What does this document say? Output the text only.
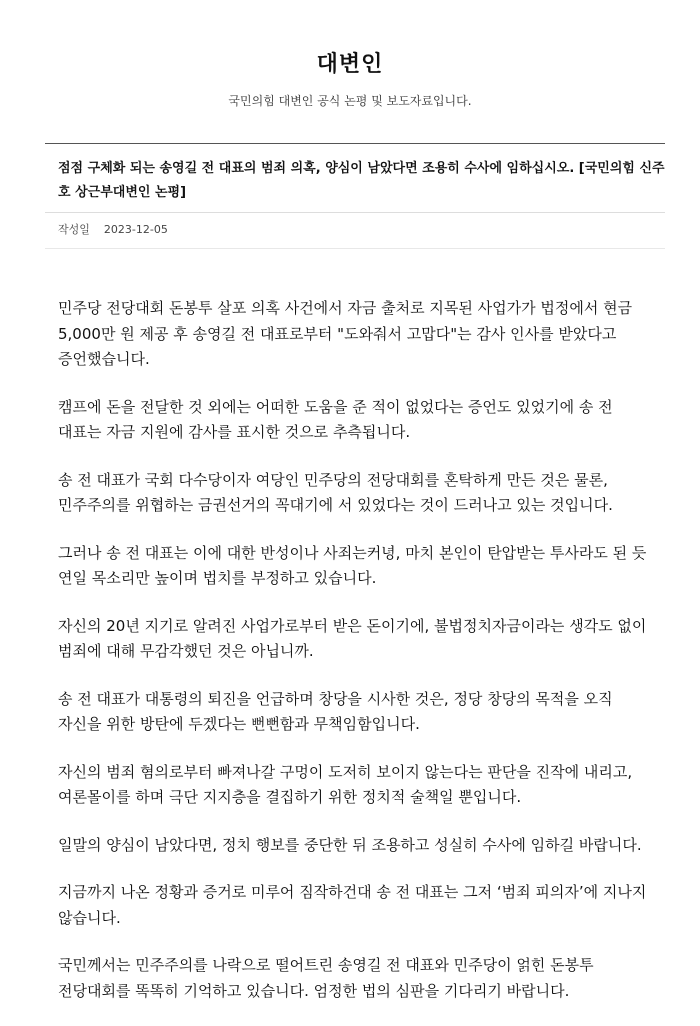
대변인
국민의힘 대변인 공식 논평 및 보도자료입니다.
점점 구체화 되는 송영길 전 대표의 범죄 의혹, 양심이 남았다면 조용히 수사에 임하십시오. [국민의힘 신주호 상근부대변인 논평]
작성일 2023-12-05

민주당 전당대회 돈봉투 살포 의혹 사건에서 자금 출처로 지목된 사업가가 법정에서 현금 5,000만 원 제공 후 송영길 전 대표로부터 "도와줘서 고맙다"는 감사 인사를 받았다고 증언했습니다.

캠프에 돈을 전달한 것 외에는 어떠한 도움을 준 적이 없었다는 증언도 있었기에 송 전 대표는 자금 지원에 감사를 표시한 것으로 추측됩니다.

송 전 대표가 국회 다수당이자 여당인 민주당의 전당대회를 혼탁하게 만든 것은 물론, 민주주의를 위협하는 금권선거의 꼭대기에 서 있었다는 것이 드러나고 있는 것입니다.

그러나 송 전 대표는 이에 대한 반성이나 사죄는커녕, 마치 본인이 탄압받는 투사라도 된 듯 연일 목소리만 높이며 법치를 부정하고 있습니다.

자신의 20년 지기로 알려진 사업가로부터 받은 돈이기에, 불법정치자금이라는 생각도 없이 범죄에 대해 무감각했던 것은 아닙니까.

송 전 대표가 대통령의 퇴진을 언급하며 창당을 시사한 것은, 정당 창당의 목적을 오직 자신을 위한 방탄에 두겠다는 뻔뻔함과 무책임함입니다.

자신의 범죄 혐의로부터 빠져나갈 구멍이 도저히 보이지 않는다는 판단을 진작에 내리고, 여론몰이를 하며 극단 지지층을 결집하기 위한 정치적 술책일 뿐입니다.

일말의 양심이 남았다면, 정치 행보를 중단한 뒤 조용하고 성실히 수사에 임하길 바랍니다.

지금까지 나온 정황과 증거로 미루어 짐작하건대 송 전 대표는 그저 ‘범죄 피의자’에 지나지 않습니다.

국민께서는 민주주의를 나락으로 떨어트린 송영길 전 대표와 민주당이 얽힌 돈봉투 전당대회를 똑똑히 기억하고 있습니다. 엄정한 법의 심판을 기다리기 바랍니다.
